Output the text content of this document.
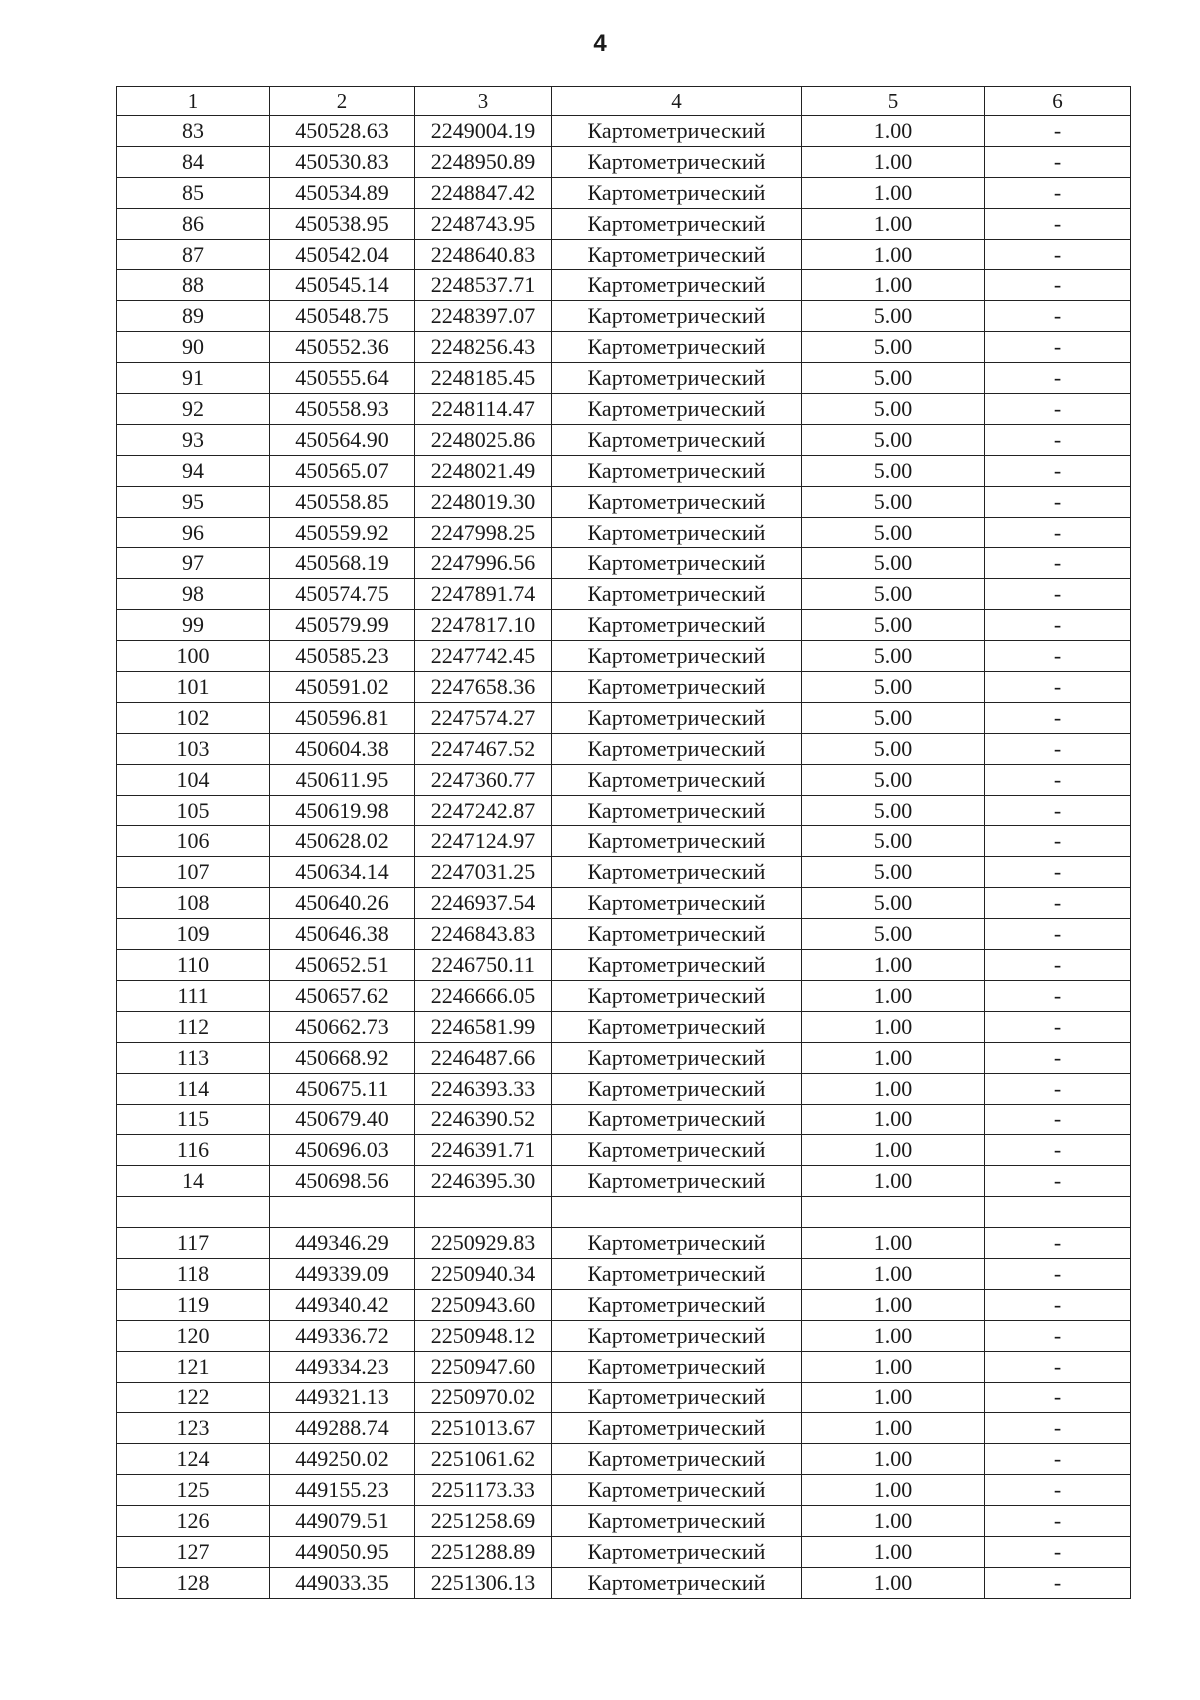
4
1	2	3	4	5	6
83	450528.63	2249004.19	Картометрический	1.00	-
84	450530.83	2248950.89	Картометрический	1.00	-
85	450534.89	2248847.42	Картометрический	1.00	-
86	450538.95	2248743.95	Картометрический	1.00	-
87	450542.04	2248640.83	Картометрический	1.00	-
88	450545.14	2248537.71	Картометрический	1.00	-
89	450548.75	2248397.07	Картометрический	5.00	-
90	450552.36	2248256.43	Картометрический	5.00	-
91	450555.64	2248185.45	Картометрический	5.00	-
92	450558.93	2248114.47	Картометрический	5.00	-
93	450564.90	2248025.86	Картометрический	5.00	-
94	450565.07	2248021.49	Картометрический	5.00	-
95	450558.85	2248019.30	Картометрический	5.00	-
96	450559.92	2247998.25	Картометрический	5.00	-
97	450568.19	2247996.56	Картометрический	5.00	-
98	450574.75	2247891.74	Картометрический	5.00	-
99	450579.99	2247817.10	Картометрический	5.00	-
100	450585.23	2247742.45	Картометрический	5.00	-
101	450591.02	2247658.36	Картометрический	5.00	-
102	450596.81	2247574.27	Картометрический	5.00	-
103	450604.38	2247467.52	Картометрический	5.00	-
104	450611.95	2247360.77	Картометрический	5.00	-
105	450619.98	2247242.87	Картометрический	5.00	-
106	450628.02	2247124.97	Картометрический	5.00	-
107	450634.14	2247031.25	Картометрический	5.00	-
108	450640.26	2246937.54	Картометрический	5.00	-
109	450646.38	2246843.83	Картометрический	5.00	-
110	450652.51	2246750.11	Картометрический	1.00	-
111	450657.62	2246666.05	Картометрический	1.00	-
112	450662.73	2246581.99	Картометрический	1.00	-
113	450668.92	2246487.66	Картометрический	1.00	-
114	450675.11	2246393.33	Картометрический	1.00	-
115	450679.40	2246390.52	Картометрический	1.00	-
116	450696.03	2246391.71	Картометрический	1.00	-
14	450698.56	2246395.30	Картометрический	1.00	-

117	449346.29	2250929.83	Картометрический	1.00	-
118	449339.09	2250940.34	Картометрический	1.00	-
119	449340.42	2250943.60	Картометрический	1.00	-
120	449336.72	2250948.12	Картометрический	1.00	-
121	449334.23	2250947.60	Картометрический	1.00	-
122	449321.13	2250970.02	Картометрический	1.00	-
123	449288.74	2251013.67	Картометрический	1.00	-
124	449250.02	2251061.62	Картометрический	1.00	-
125	449155.23	2251173.33	Картометрический	1.00	-
126	449079.51	2251258.69	Картометрический	1.00	-
127	449050.95	2251288.89	Картометрический	1.00	-
128	449033.35	2251306.13	Картометрический	1.00	-
